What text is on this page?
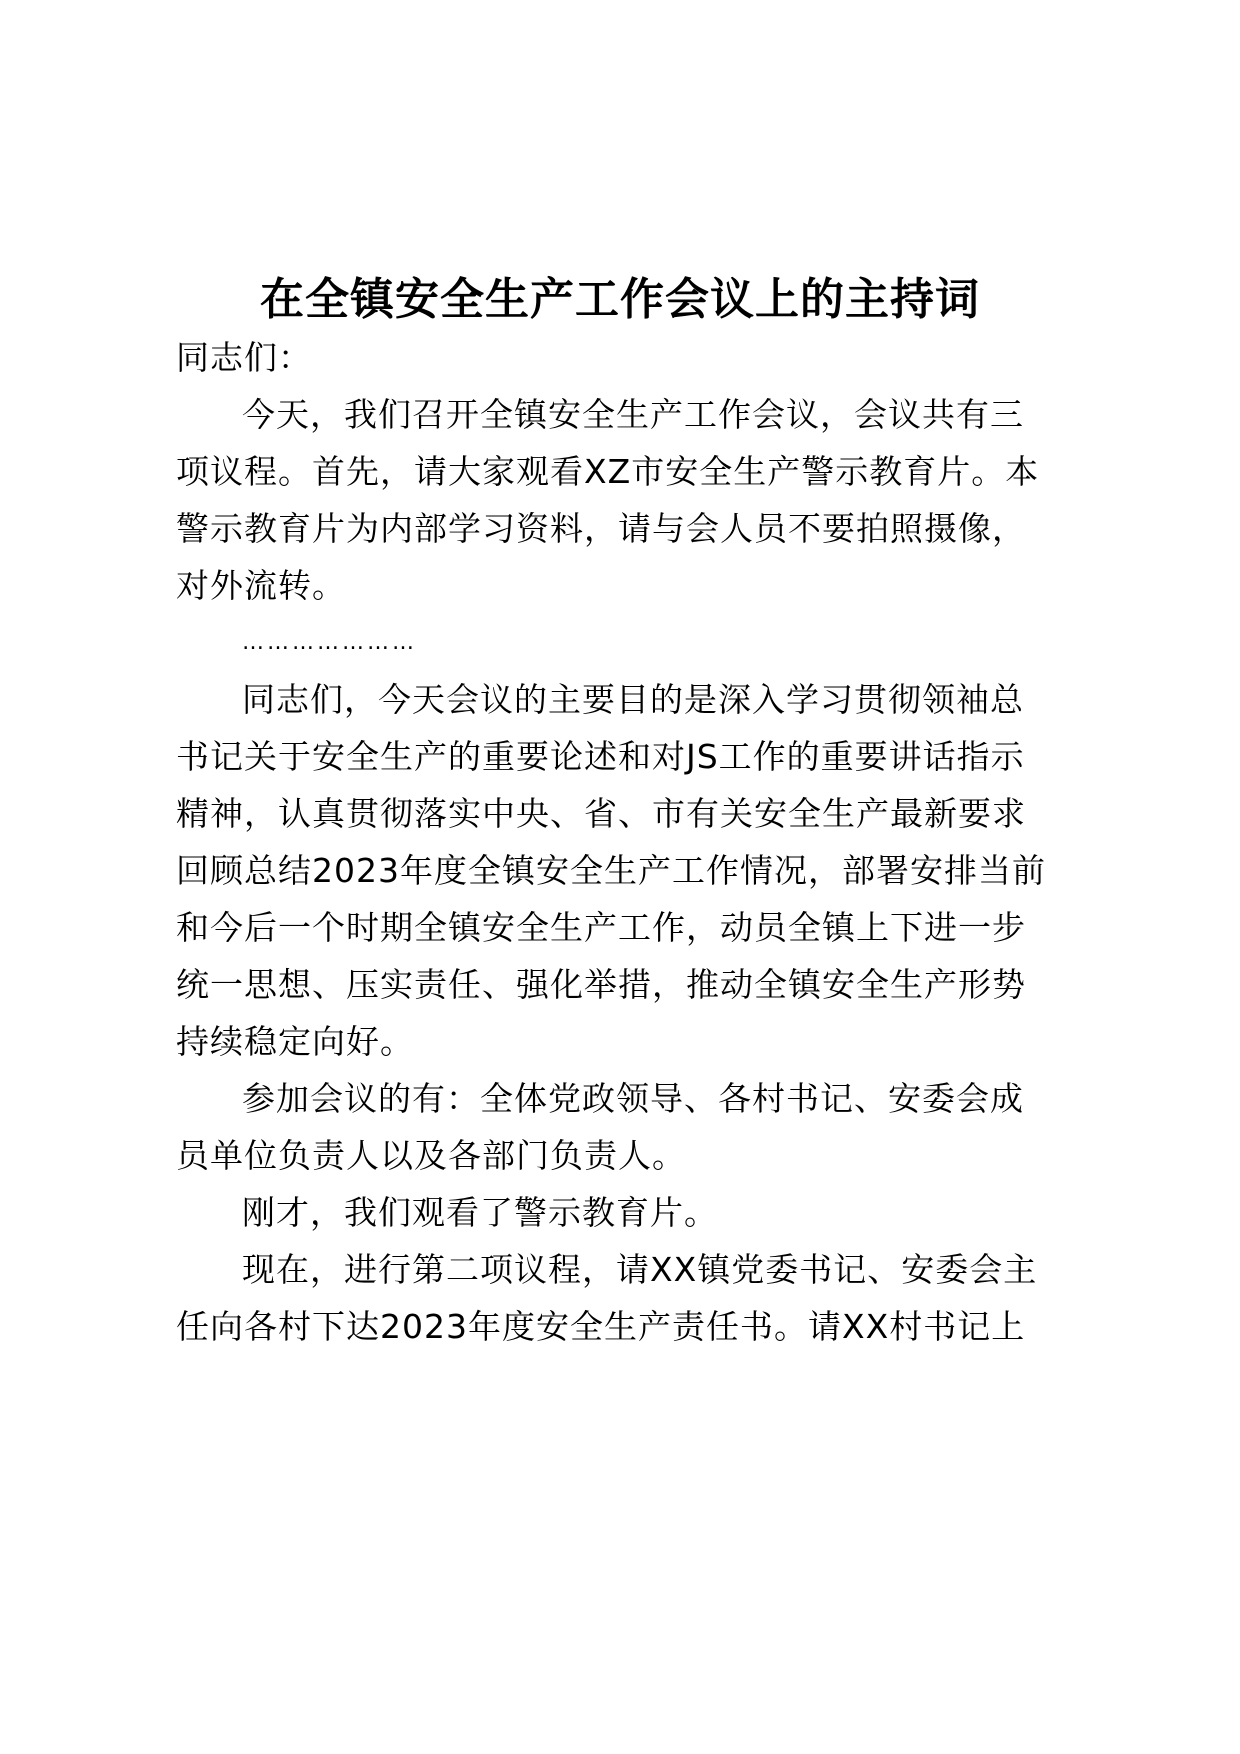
在全镇安全生产工作会议上的主持词
同志们：
今天，我们召开全镇安全生产工作会议，会议共有三
项议程。首先，请大家观看XZ市安全生产警示教育片。本
警示教育片为内部学习资料，请与会人员不要拍照摄像，
对外流转。
…………………
同志们，今天会议的主要目的是深入学习贯彻领袖总
书记关于安全生产的重要论述和对JS工作的重要讲话指示
精神，认真贯彻落实中央、省、市有关安全生产最新要求
回顾总结2023年度全镇安全生产工作情况，部署安排当前
和今后一个时期全镇安全生产工作，动员全镇上下进一步
统一思想、压实责任、强化举措，推动全镇安全生产形势
持续稳定向好。
参加会议的有：全体党政领导、各村书记、安委会成
员单位负责人以及各部门负责人。
刚才，我们观看了警示教育片。
现在，进行第二项议程，请XX镇党委书记、安委会主
任向各村下达2023年度安全生产责任书。请XX村书记上
